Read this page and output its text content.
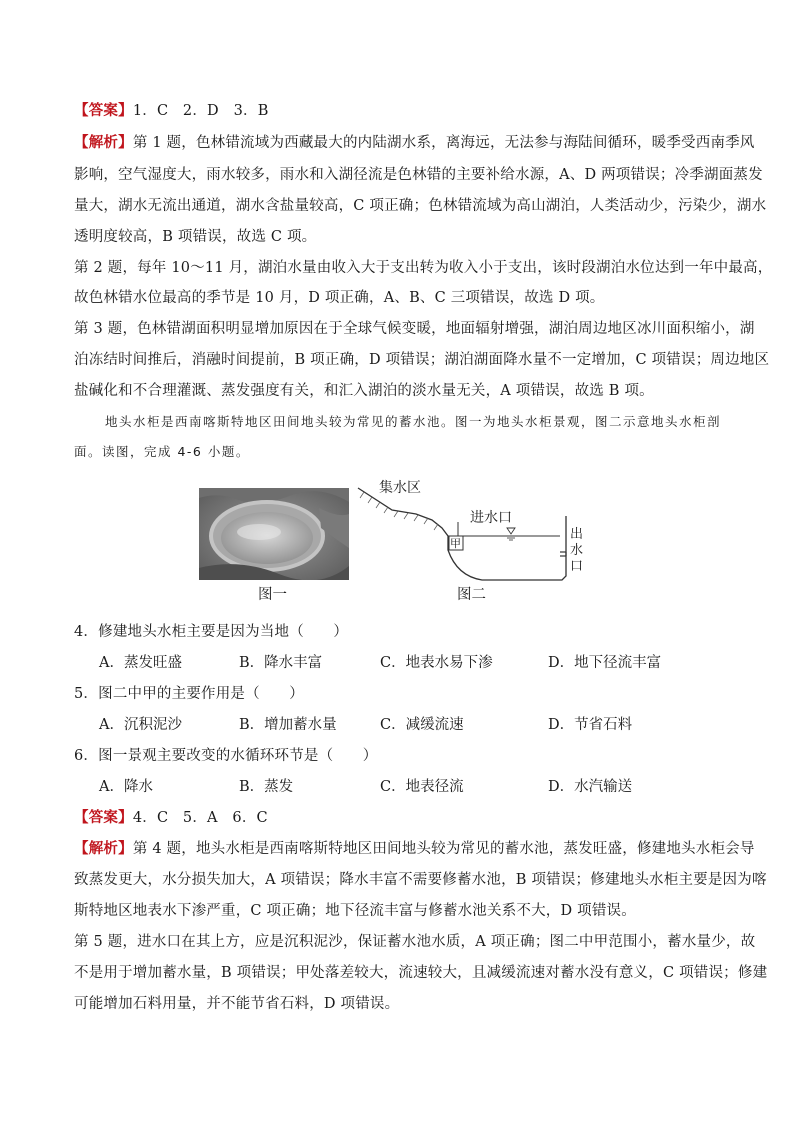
【答案】1．C　2．D　3．B
【解析】第 1 题，色林错流域为西藏最大的内陆湖水系，离海远，无法参与海陆间循环，暖季受西南季风
影响，空气湿度大，雨水较多，雨水和入湖径流是色林错的主要补给水源，A、D 两项错误；冷季湖面蒸发
量大，湖水无流出通道，湖水含盐量较高，C 项正确；色林错流域为高山湖泊，人类活动少，污染少，湖水
透明度较高，B 项错误，故选 C 项。
第 2 题，每年 10～11 月，湖泊水量由收入大于支出转为收入小于支出，该时段湖泊水位达到一年中最高，
故色林错水位最高的季节是 10 月，D 项正确，A、B、C 三项错误，故选 D 项。
第 3 题，色林错湖面积明显增加原因在于全球气候变暖，地面辐射增强，湖泊周边地区冰川面积缩小，湖
泊冻结时间推后，消融时间提前，B 项正确，D 项错误；湖泊湖面降水量不一定增加，C 项错误；周边地区
盐碱化和不合理灌溉、蒸发强度有关，和汇入湖泊的淡水量无关，A 项错误，故选 B 项。
地头水柜是西南喀斯特地区田间地头较为常见的蓄水池。图一为地头水柜景观，图二示意地头水柜剖
面。读图，完成 4-6 小题。
图一
集水区
进水口
甲
出
水
口
图二
4．修建地头水柜主要是因为当地（　　）
A．蒸发旺盛	B．降水丰富	C．地表水易下渗	D．地下径流丰富
5．图二中甲的主要作用是（　　）
A．沉积泥沙	B．增加蓄水量	C．减缓流速	D．节省石料
6．图一景观主要改变的水循环环节是（　　）
A．降水	B．蒸发	C．地表径流	D．水汽输送
【答案】4．C　5．A　6．C
【解析】第 4 题，地头水柜是西南喀斯特地区田间地头较为常见的蓄水池，蒸发旺盛，修建地头水柜会导
致蒸发更大，水分损失加大，A 项错误；降水丰富不需要修蓄水池，B 项错误；修建地头水柜主要是因为喀
斯特地区地表水下渗严重，C 项正确；地下径流丰富与修蓄水池关系不大，D 项错误。
第 5 题，进水口在其上方，应是沉积泥沙，保证蓄水池水质，A 项正确；图二中甲范围小，蓄水量少，故
不是用于增加蓄水量，B 项错误；甲处落差较大，流速较大，且减缓流速对蓄水没有意义，C 项错误；修建
可能增加石料用量，并不能节省石料，D 项错误。
